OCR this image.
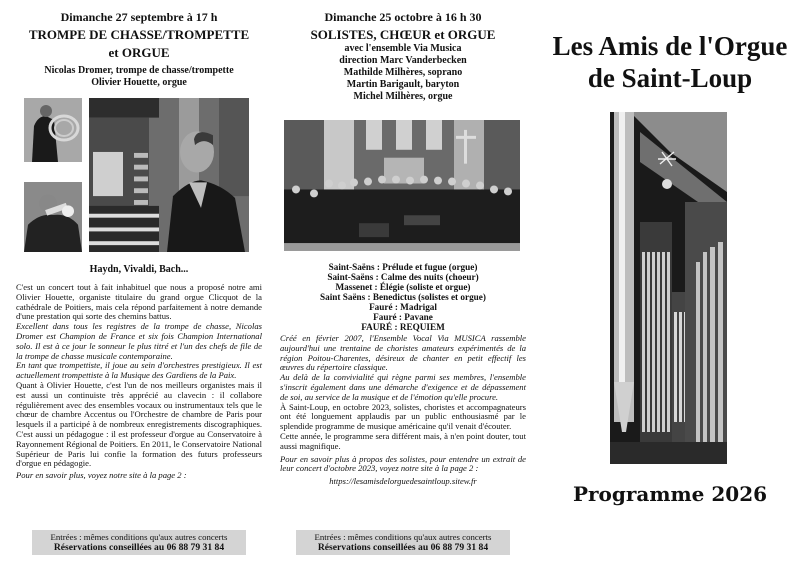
Dimanche 27 septembre à 17 h
TROMPE DE CHASSE/TROMPETTE
et ORGUE
Nicolas Dromer, trompe de chasse/trompette
Olivier Houette, orgue
Haydn, Vivaldi, Bach...

C'est un concert tout à fait inhabituel que nous a proposé notre ami Olivier Houette, organiste titulaire du grand orgue Clicquot de la cathédrale de Poitiers, mais cela répond parfaitement à notre demande d'une prestation qui sorte des chemins battus.

Excellent dans tous les registres de la trompe de chasse, Nicolas Dromer est Champion de France et six fois Champion International solo. Il est à ce jour le sonneur le plus titré et l'un des chefs de file de la trompe de chasse musicale contemporaine.

En tant que trompettiste, il joue au sein d'orchestres prestigieux. Il est actuellement trompettiste à la Musique des Gardiens de la Paix.

Quant à Olivier Houette, c'est l'un de nos meilleurs organistes mais il est aussi un continuiste très apprécié au clavecin : il collabore régulièrement avec des ensembles vocaux ou instrumentaux tels que le chœur de chambre Accentus ou l'Orchestre de chambre de Paris pour lesquels il a participé à de nombreux enregistrements discographiques. C'est aussi un pédagogue : il est professeur d'orgue au Conservatoire à Rayonnement Régional de Poitiers. En 2011, le Conservatoire National Supérieur de Paris lui confie la formation des futurs professeurs d'orgue en pédagogie.

Pour en savoir plus, voyez notre site à la page 2 :

Entrées : mêmes conditions qu'aux autres concerts
Réservations conseillées au 06 88 79 31 84
Dimanche 25 octobre à 16 h 30
SOLISTES, CHŒUR et ORGUE
avec l'ensemble Via Musica
direction Marc Vanderbecken
Mathilde Milhères, soprano
Martin Barigault, baryton
Michel Milhères, orgue
Saint-Saëns : Prélude et fugue (orgue)
Saint-Saëns : Calme des nuits (choeur)
Massenet : Élégie (soliste et orgue)
Saint Saëns : Benedictus (solistes et orgue)
Fauré : Madrigal
Fauré : Pavane
FAURÉ : REQUIEM

Créé en février 2007, l'Ensemble Vocal Via MUSICA rassemble aujourd'hui une trentaine de choristes amateurs expérimentés de la région Poitou-Charentes, désireux de chanter en petit effectif les œuvres du répertoire classique.

Au delà de la convivialité qui règne parmi ses membres, l'ensemble s'inscrit également dans une démarche d'exigence et de dépassement de soi, au service de la musique et de l'émotion qu'elle procure.

À Saint-Loup, en octobre 2023, solistes, choristes et accompagnateurs ont été longuement applaudis par un public enthousiasmé par le splendide programme de musique américaine qu'il venait d'écouter.

Cette année, le programme sera différent mais, à n'en point douter, tout aussi magnifique.

Pour en savoir plus à propos des solistes, pour entendre un extrait de leur concert d'octobre 2023, voyez notre site à la page 2 :

https://lesamisdelorguedesaintloup.sitew.fr

Entrées : mêmes conditions qu'aux autres concerts
Réservations conseillées au 06 88 79 31 84
Les Amis de l'Orgue
de Saint-Loup
Programme 2026
